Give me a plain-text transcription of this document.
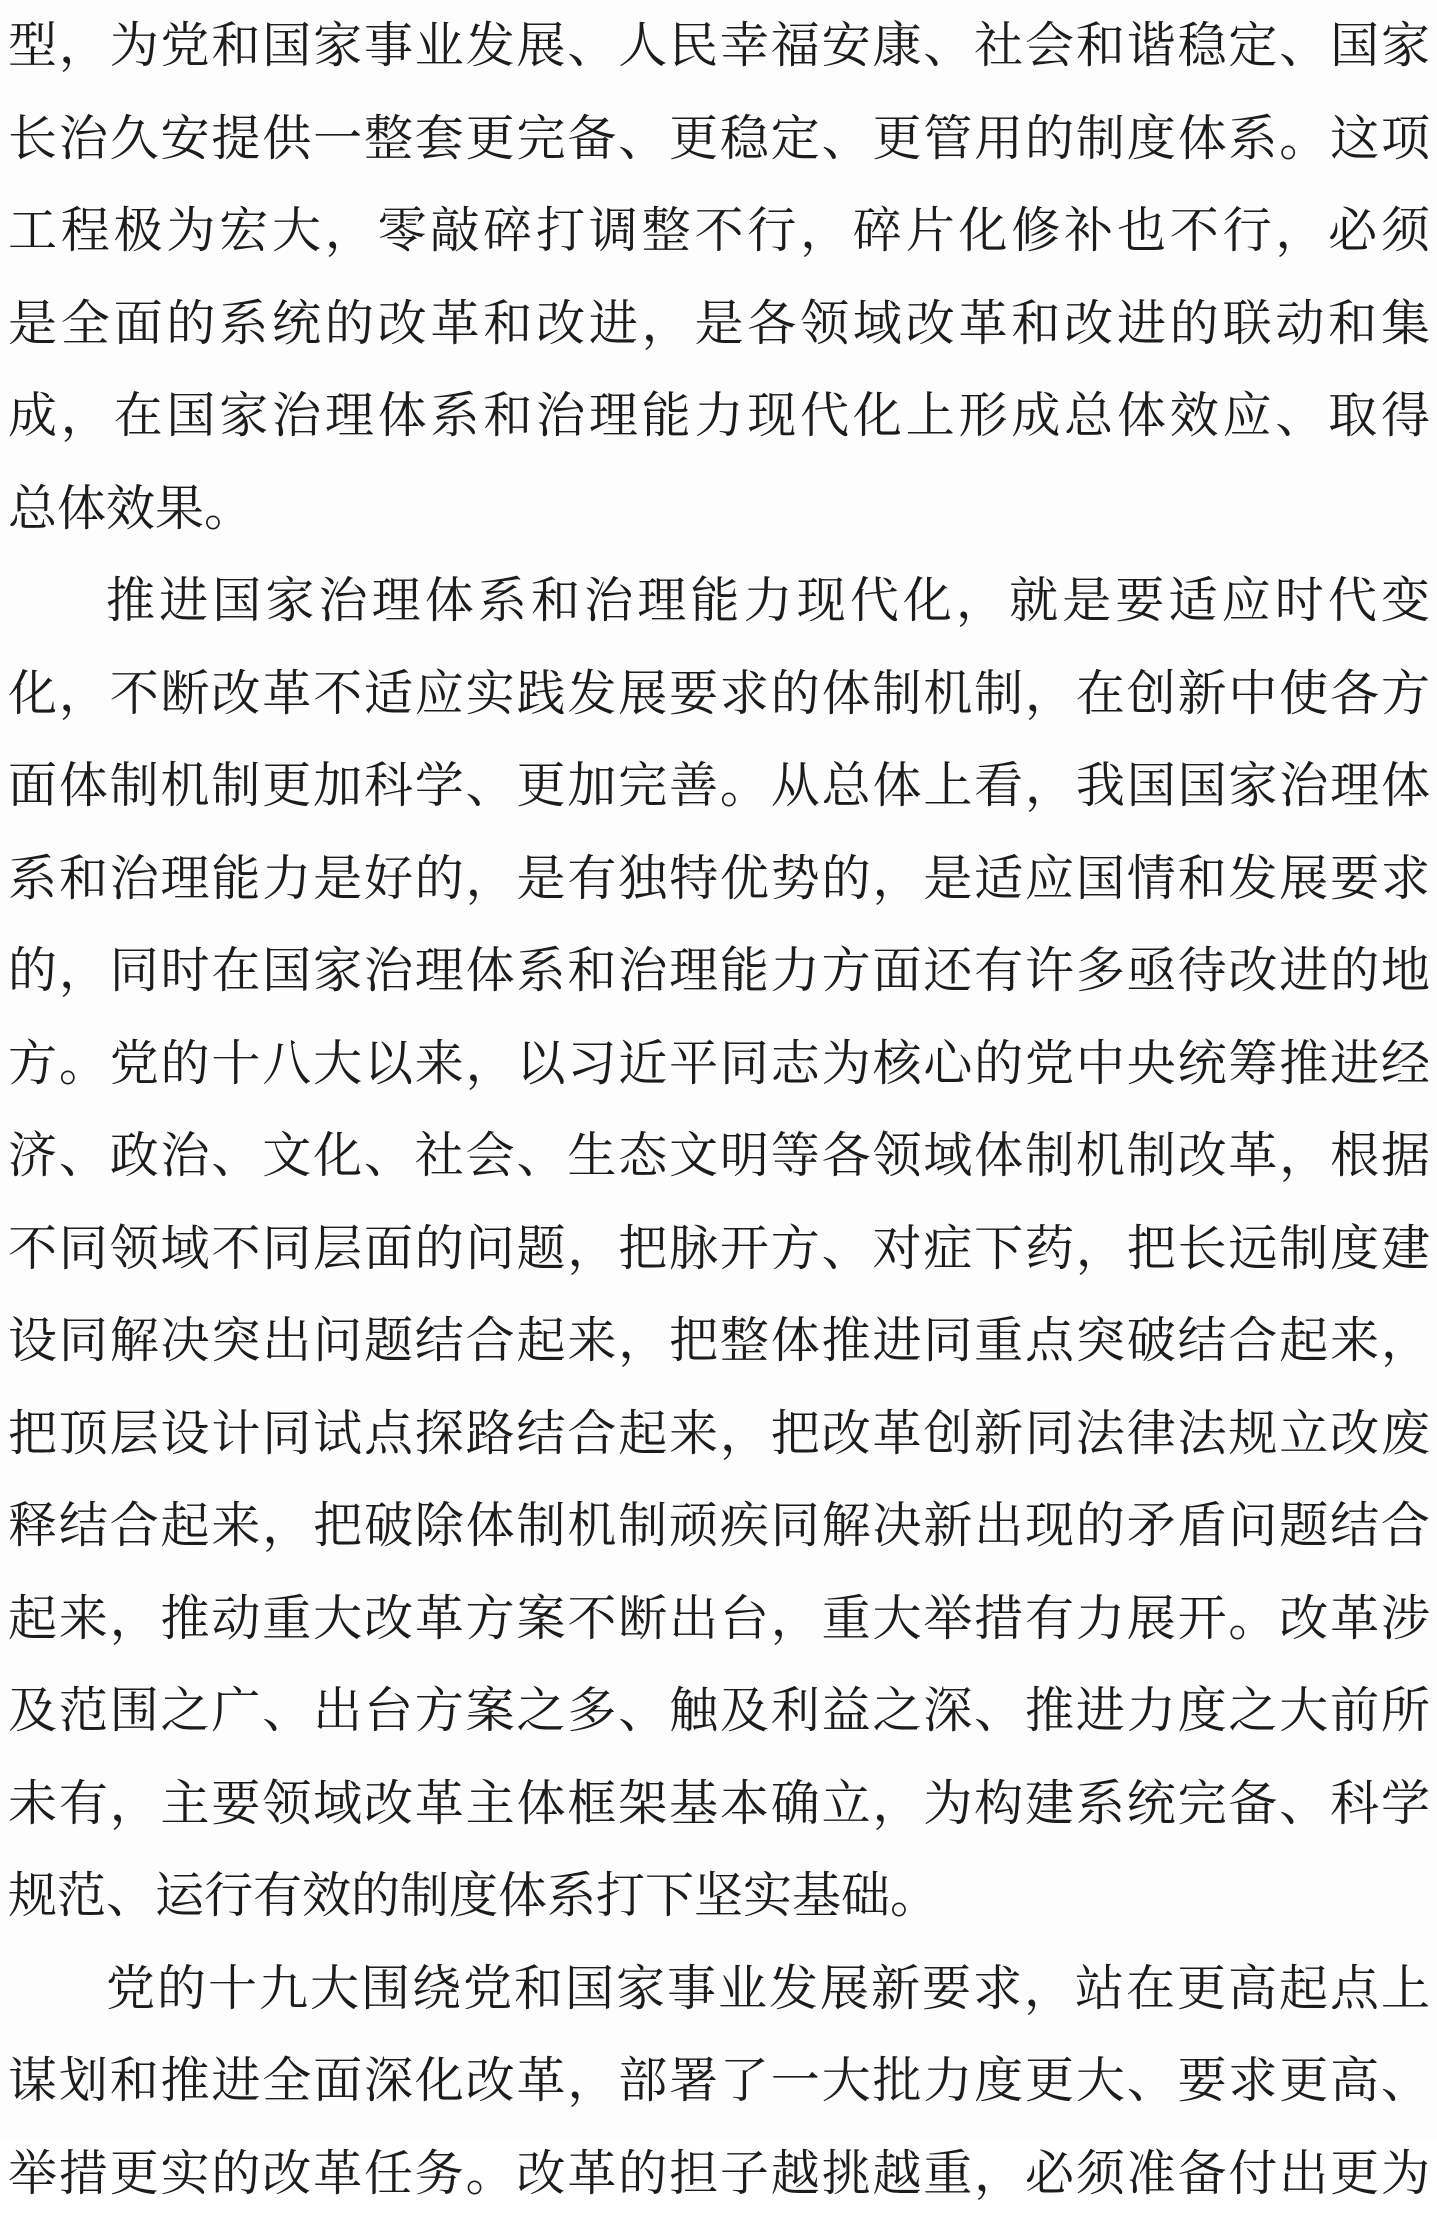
型，为党和国家事业发展、人民幸福安康、社会和谐稳定、国家
长治久安提供一整套更完备、更稳定、更管用的制度体系。这项
工程极为宏大，零敲碎打调整不行，碎片化修补也不行，必须
是全面的系统的改革和改进，是各领域改革和改进的联动和集
成，在国家治理体系和治理能力现代化上形成总体效应、取得
总体效果。
推进国家治理体系和治理能力现代化，就是要适应时代变
化，不断改革不适应实践发展要求的体制机制，在创新中使各方
面体制机制更加科学、更加完善。从总体上看，我国国家治理体
系和治理能力是好的，是有独特优势的，是适应国情和发展要求
的，同时在国家治理体系和治理能力方面还有许多亟待改进的地
方。党的十八大以来，以习近平同志为核心的党中央统筹推进经
济、政治、文化、社会、生态文明等各领域体制机制改革，根据
不同领域不同层面的问题，把脉开方、对症下药，把长远制度建
设同解决突出问题结合起来，把整体推进同重点突破结合起来，
把顶层设计同试点探路结合起来，把改革创新同法律法规立改废
释结合起来，把破除体制机制顽疾同解决新出现的矛盾问题结合
起来，推动重大改革方案不断出台，重大举措有力展开。改革涉
及范围之广、出台方案之多、触及利益之深、推进力度之大前所
未有，主要领域改革主体框架基本确立，为构建系统完备、科学
规范、运行有效的制度体系打下坚实基础。
党的十九大围绕党和国家事业发展新要求，站在更高起点上
谋划和推进全面深化改革，部署了一大批力度更大、要求更高、
举措更实的改革任务。改革的担子越挑越重，必须准备付出更为
